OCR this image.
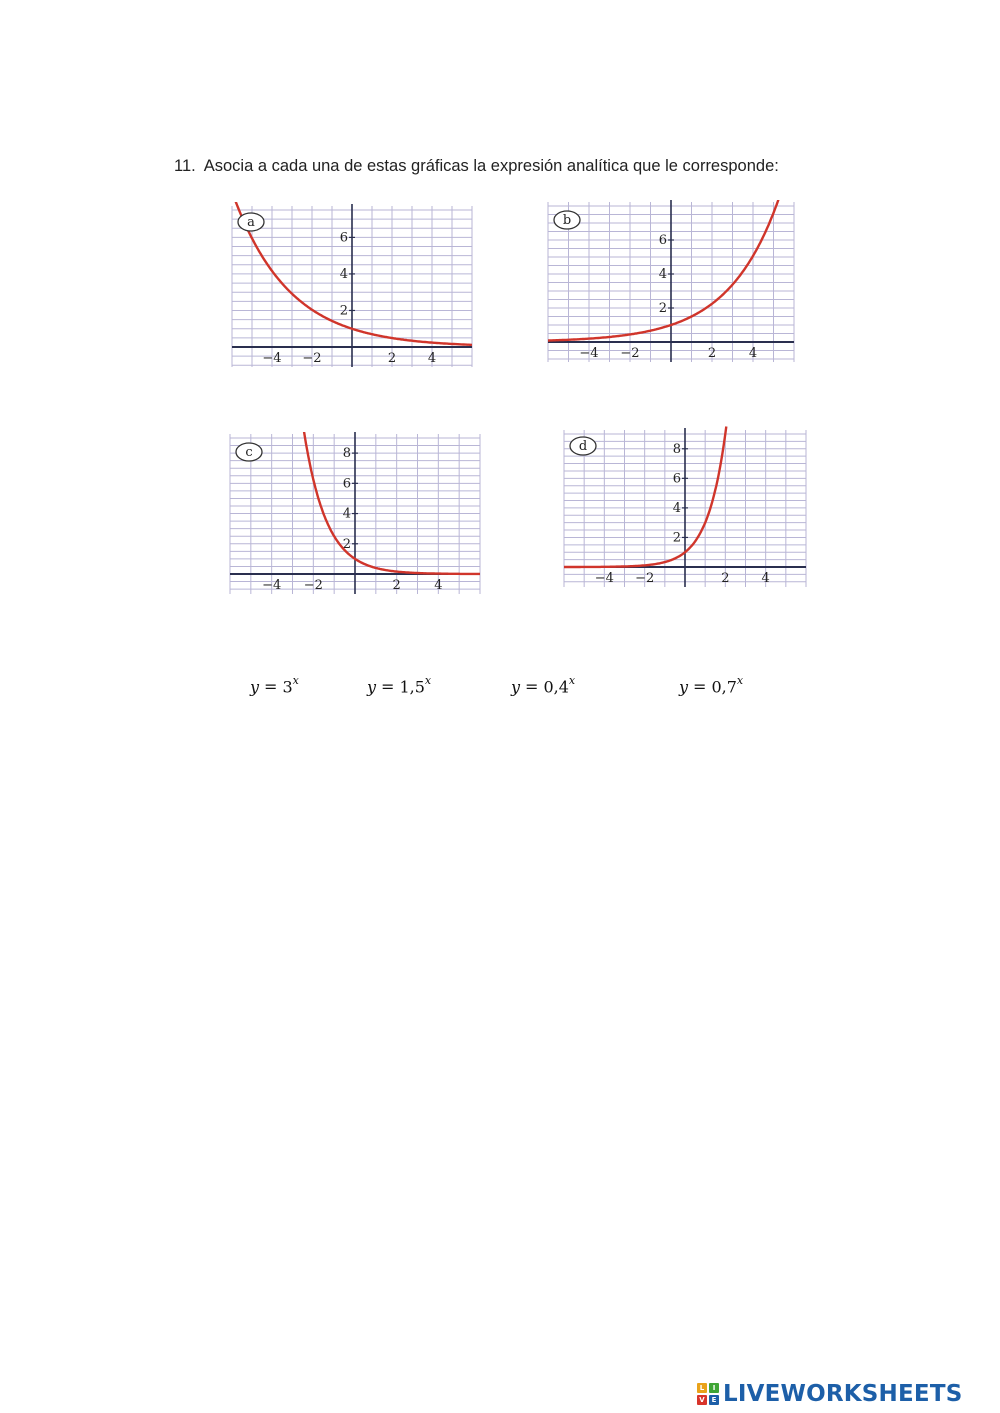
11. Asocia a cada una de estas gráficas la expresión analítica que le corresponde:
2
4
6
−4 −2	2 4
a
2
4
6
−4 −2	2	4
b
2
4
6
8
−4 −2	2	4
c
2
4
6
8
−4 −2	2 4
d
$y = 3^x$	$y = 1,5^x$	$y = 0,4^x$	$y = 0,7^x$
L	I
V E LIVEWORKSHEETS
